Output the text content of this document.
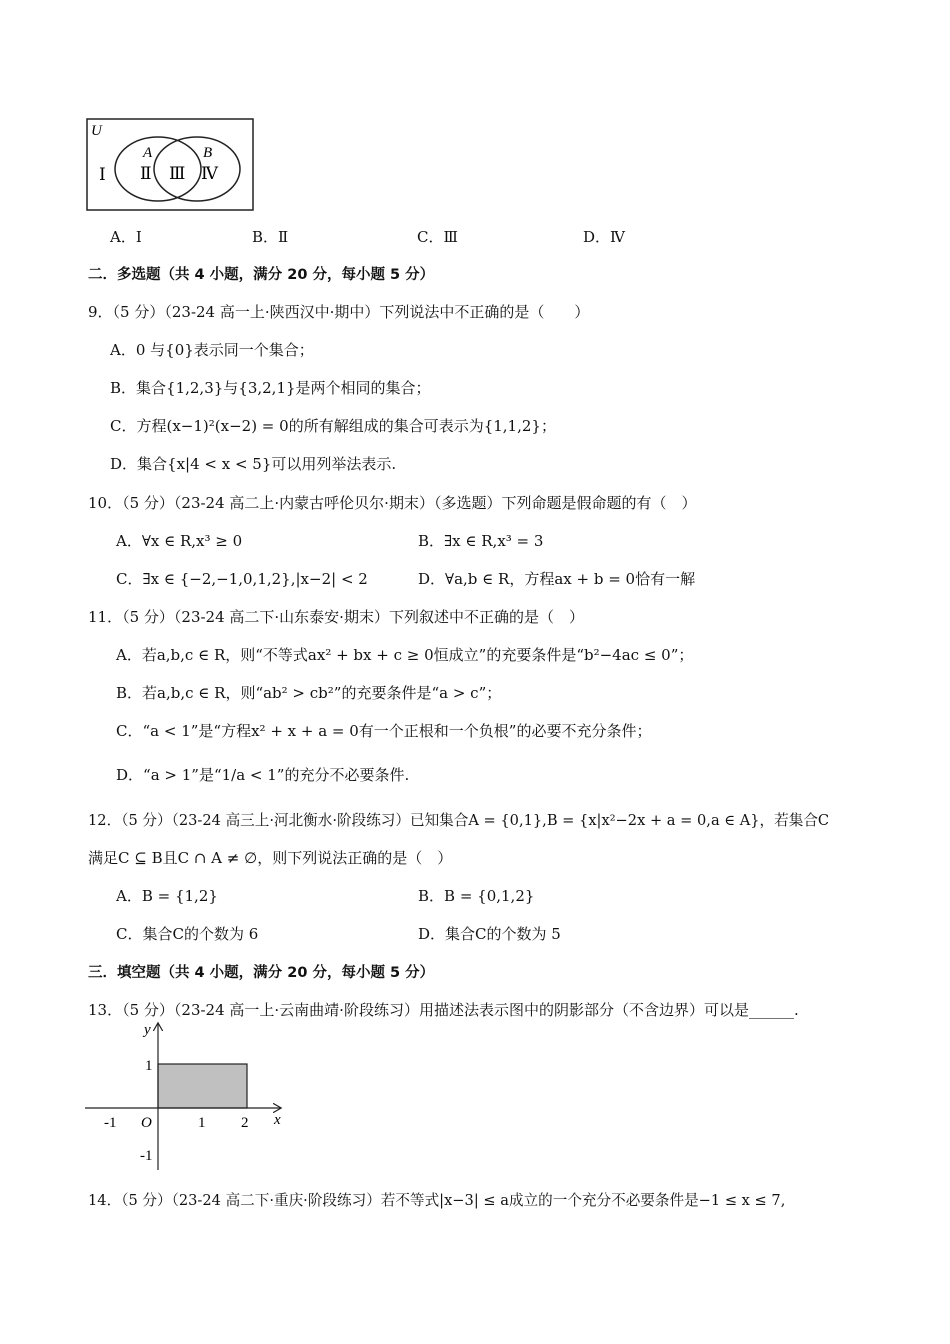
U
A	B
Ⅰ Ⅱ Ⅲ Ⅳ
A．Ⅰ	B．Ⅱ	C．Ⅲ	D．Ⅳ
二．多选题（共 4 小题，满分 20 分，每小题 5 分）
9．（5 分）（23-24 高一上·陕西汉中·期中）下列说法中不正确的是（　　）
A．0 与{0}表示同一个集合；
B．集合{1,2,3}与{3,2,1}是两个相同的集合；
C．方程(x−1)²(x−2) = 0的所有解组成的集合可表示为{1,1,2}；
D．集合{x|4 < x < 5}可以用列举法表示.
10．（5 分）（23-24 高二上·内蒙古呼伦贝尔·期末）（多选题）下列命题是假命题的有（　）
A．∀x ∈ R,x³ ≥ 0	B．∃x ∈ R,x³ = 3
C．∃x ∈ {−2,−1,0,1,2},|x−2| < 2	D．∀a,b ∈ R，方程ax + b = 0恰有一解
11．（5 分）（23-24 高二下·山东泰安·期末）下列叙述中不正确的是（　）
A．若a,b,c ∈ R，则“不等式ax² + bx + c ≥ 0恒成立”的充要条件是“b²−4ac ≤ 0”；
B．若a,b,c ∈ R，则“ab² > cb²”的充要条件是“a > c”；
C．“a < 1”是“方程x² + x + a = 0有一个正根和一个负根”的必要不充分条件；
D．“a > 1”是“1/a < 1”的充分不必要条件.
12．（5 分）（23-24 高三上·河北衡水·阶段练习）已知集合A = {0,1},B = {x|x²−2x + a = 0,a ∈ A}，若集合C
满足C ⊆ B且C ∩ A ≠ ∅，则下列说法正确的是（　）
A．B = {1,2}	B．B = {0,1,2}
C．集合C的个数为 6	D．集合C的个数为 5
三．填空题（共 4 小题，满分 20 分，每小题 5 分）
13．（5 分）（23-24 高一上·云南曲靖·阶段练习）用描述法表示图中的阴影部分（不含边界）可以是______.
y
x
O
-1	1 2
1
-1
14．（5 分）（23-24 高二下·重庆·阶段练习）若不等式|x−3| ≤ a成立的一个充分不必要条件是−1 ≤ x ≤ 7,
